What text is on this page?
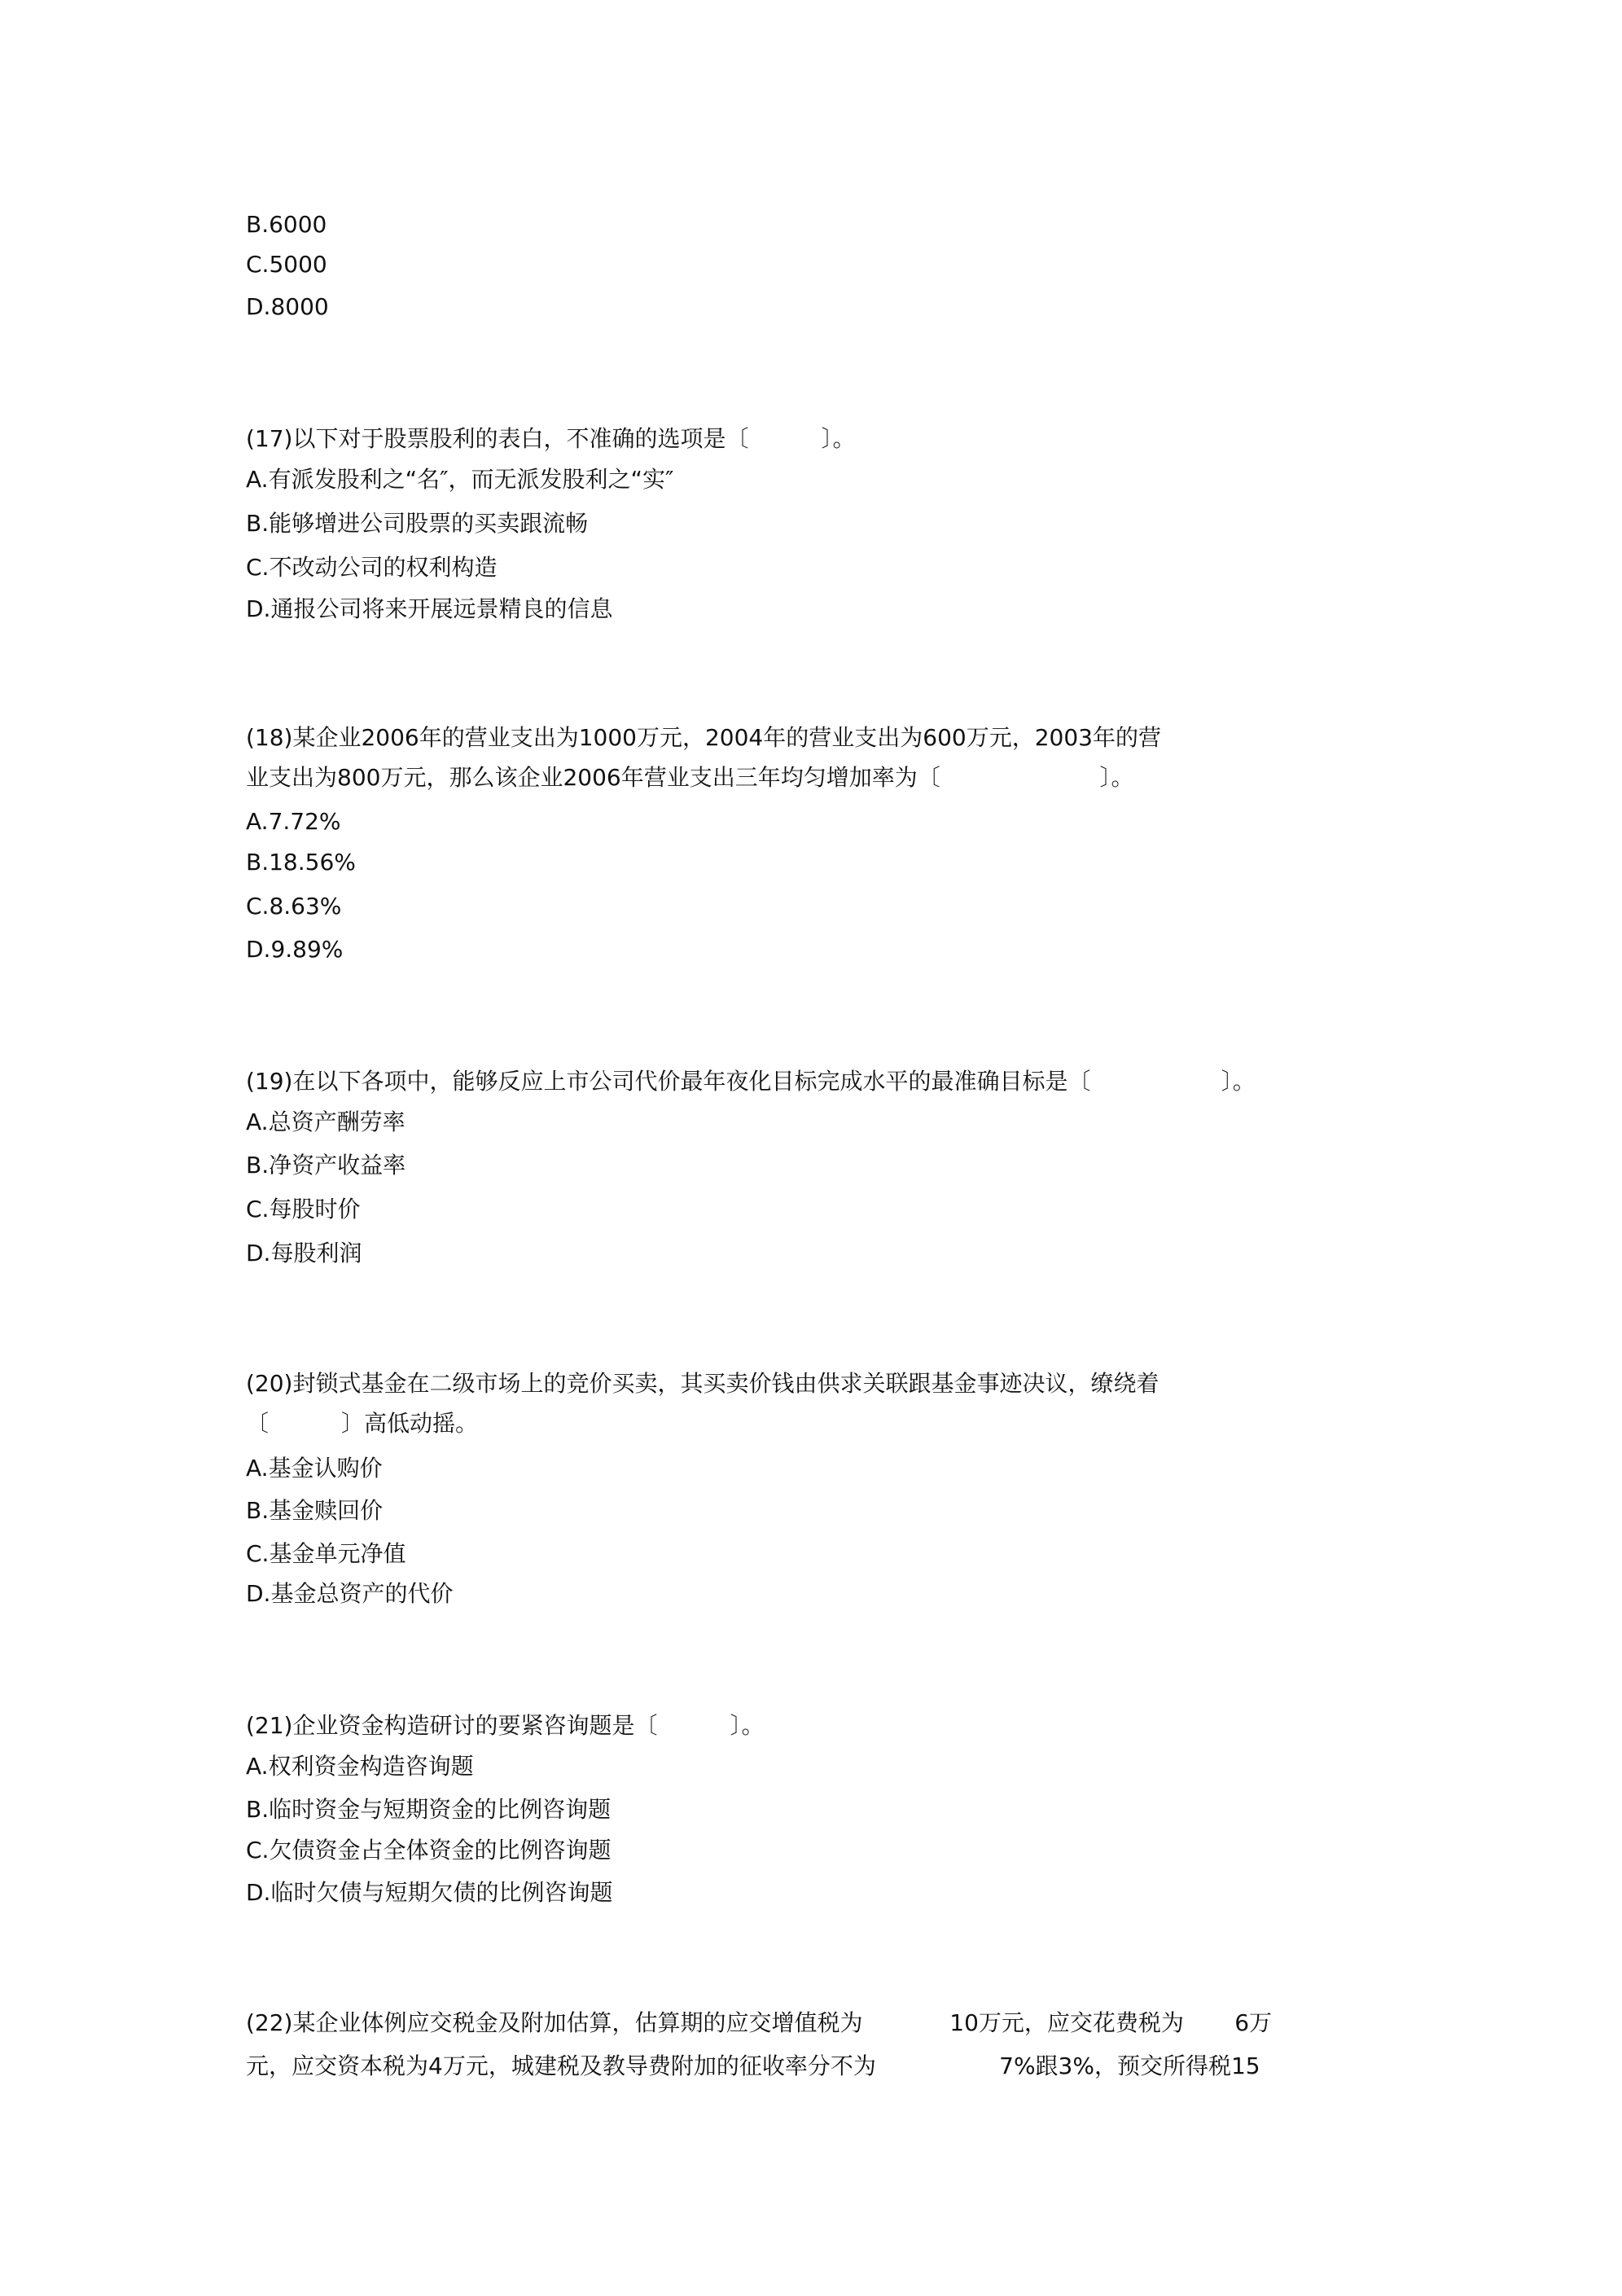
B.6000
C.5000
D.8000
(17)以下对于股票股利的表白，不准确的选项是〔          〕。
A.有派发股利之“名″，而无派发股利之“实″
B.能够增进公司股票的买卖跟流畅
C.不改动公司的权利构造
D.通报公司将来开展远景精良的信息
(18)某企业2006年的营业支出为1000万元，2004年的营业支出为600万元，2003年的营
业支出为800万元，那么该企业2006年营业支出三年均匀增加率为〔                      〕。
A.7.72%
B.18.56%
C.8.63%
D.9.89%
(19)在以下各项中，能够反应上市公司代价最年夜化目标完成水平的最准确目标是〔                  〕。
A.总资产酬劳率
B.净资产收益率
C.每股时价
D.每股利润
(20)封锁式基金在二级市场上的竞价买卖，其买卖价钱由供求关联跟基金事迹决议，缭绕着
〔          〕高低动摇。
A.基金认购价
B.基金赎回价
C.基金单元净值
D.基金总资产的代价
(21)企业资金构造研讨的要紧咨询题是〔          〕。
A.权利资金构造咨询题
B.临时资金与短期资金的比例咨询题
C.欠债资金占全体资金的比例咨询题
D.临时欠债与短期欠债的比例咨询题
(22)某企业体例应交税金及附加估算，估算期的应交增值税为            10万元，应交花费税为       6万
元，应交资本税为4万元，城建税及教导费附加的征收率分不为                 7%跟3%，预交所得税15
